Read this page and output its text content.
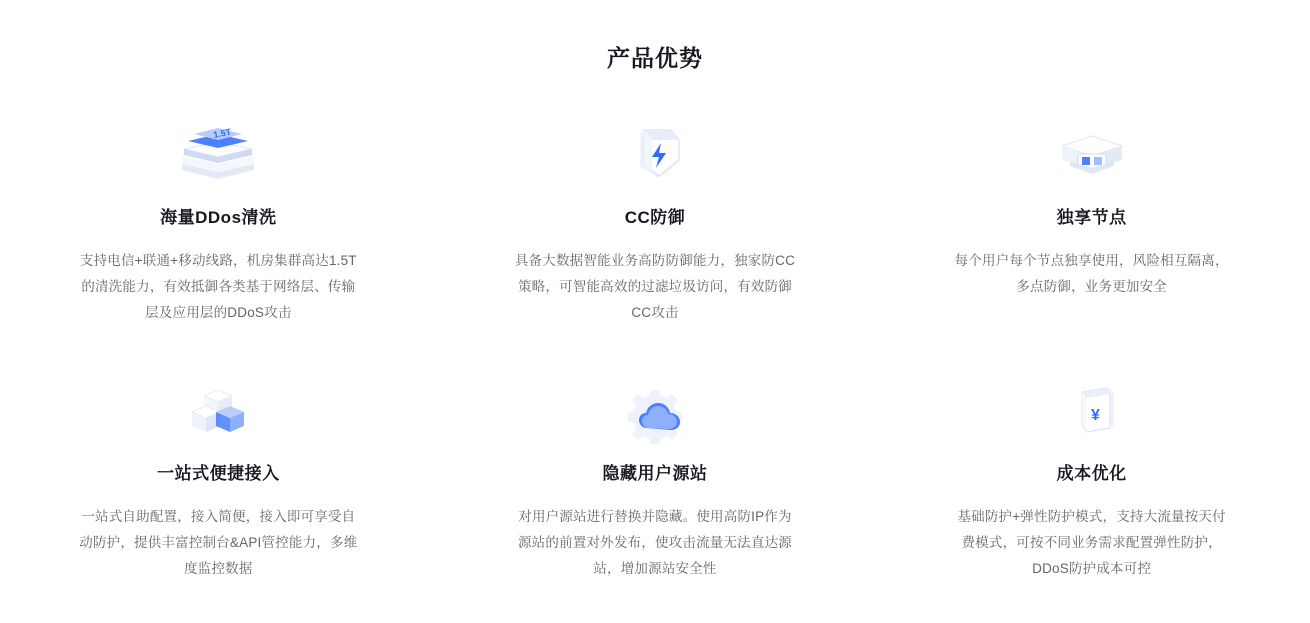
产品优势
1.5T
海量DDos清洗

支持电信+联通+移动线路，机房集群高达1.5T的清洗能力，有效抵御各类基于网络层、传输层及应用层的DDoS攻击

CC防御

具备大数据智能业务高防防御能力，独家防CC策略，可智能高效的过滤垃圾访问，有效防御CC攻击

独享节点

每个用户每个节点独享使用，风险相互隔离，多点防御，业务更加安全

一站式便捷接入

一站式自助配置，接入简便，接入即可享受自动防护，提供丰富控制台&API管控能力，多维度监控数据

隐藏用户源站

对用户源站进行替换并隐藏。使用高防IP作为源站的前置对外发布，使攻击流量无法直达源站，增加源站安全性

¥
成本优化

基础防护+弹性防护模式，支持大流量按天付费模式，可按不同业务需求配置弹性防护，DDoS防护成本可控
